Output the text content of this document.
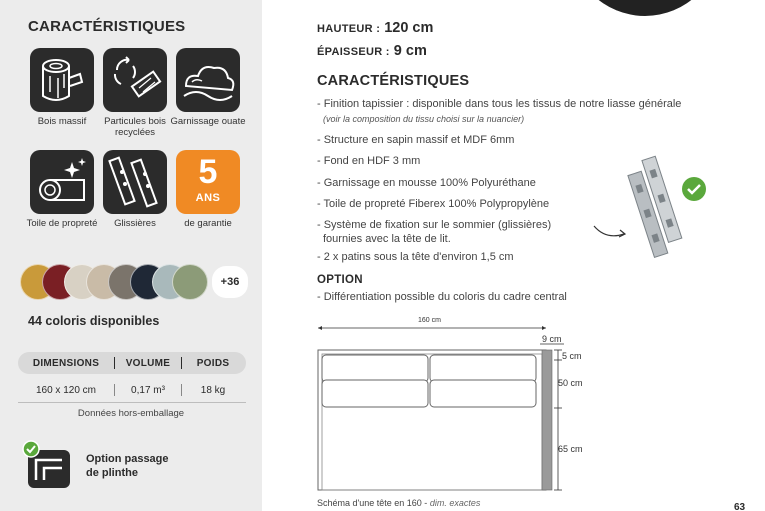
CARACTÉRISTIQUES
Bois massif	Particules bois recyclées
Garnissage ouate
Toile de propreté	Glissières
5
ANS
de garantie
+36
44 coloris disponibles
DIMENSIONS	VOLUME	POIDS
160 x 120 cm	0,17 m³	18 kg
Données hors-emballage
Option passage
de plinthe
HAUTEUR : 120 cm
ÉPAISSEUR : 9 cm
CARACTÉRISTIQUES
- Finition tapissier : disponible dans tous les tissus de notre liasse générale
(voir la composition du tissu choisi sur la nuancier)
- Structure en sapin massif et MDF 6mm
- Fond en HDF 3 mm
- Garnissage en mousse 100% Polyuréthane
- Toile de propreté Fiberex 100% Polypropylène
- Système de fixation sur le sommier (glissières)
fournies avec la tête de lit.
- 2 x patins sous la tête d'environ 1,5 cm
OPTION
- Différentiation possible du coloris du cadre central
160 cm
9 cm
5 cm
50 cm
65 cm
Schéma d'une tête en 160 - dim. exactes	63
